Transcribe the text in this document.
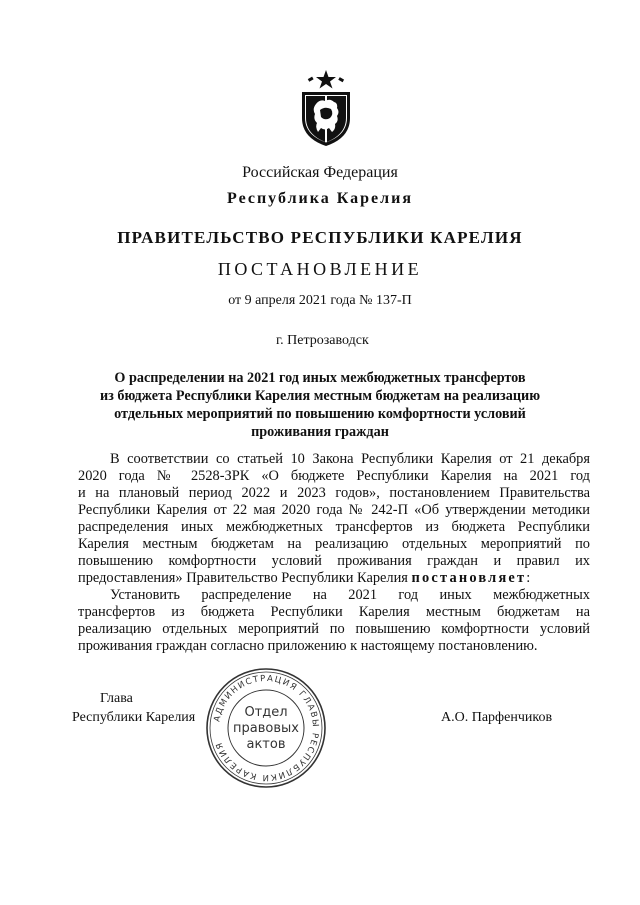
Российская Федерация
Республика Карелия
ПРАВИТЕЛЬСТВО РЕСПУБЛИКИ КАРЕЛИЯ
ПОСТАНОВЛЕНИЕ
от 9 апреля 2021 года № 137-П
г. Петрозаводск
О распределении на 2021 год иных межбюджетных трансфертов
из бюджета Республики Карелия местным бюджетам на реализацию
отдельных мероприятий по повышению комфортности условий
проживания граждан
В соответствии со статьей 10 Закона Республики Карелия от 21 декабря
2020 года № 2528-ЗРК «О бюджете Республики Карелия на 2021 год
и на плановый период 2022 и 2023 годов», постановлением Правительства
Республики Карелия от 22 мая 2020 года № 242-П «Об утверждении методики
распределения иных межбюджетных трансфертов из бюджета Республики
Карелия местным бюджетам на реализацию отдельных мероприятий по
повышению комфортности условий проживания граждан и правил их
предоставления» Правительство Республики Карелия постановляет:
Установить распределение на 2021 год иных межбюджетных
трансфертов из бюджета Республики Карелия местным бюджетам на
реализацию отдельных мероприятий по повышению комфортности условий
проживания граждан согласно приложению к настоящему постановлению.
Глава
Республики Карелия	А.О. Парфенчиков
АДМИНИСТРАЦИЯ ГЛАВЫ РЕСПУБЛИКИ КАРЕЛИЯ
Отдел
правовых
актов
